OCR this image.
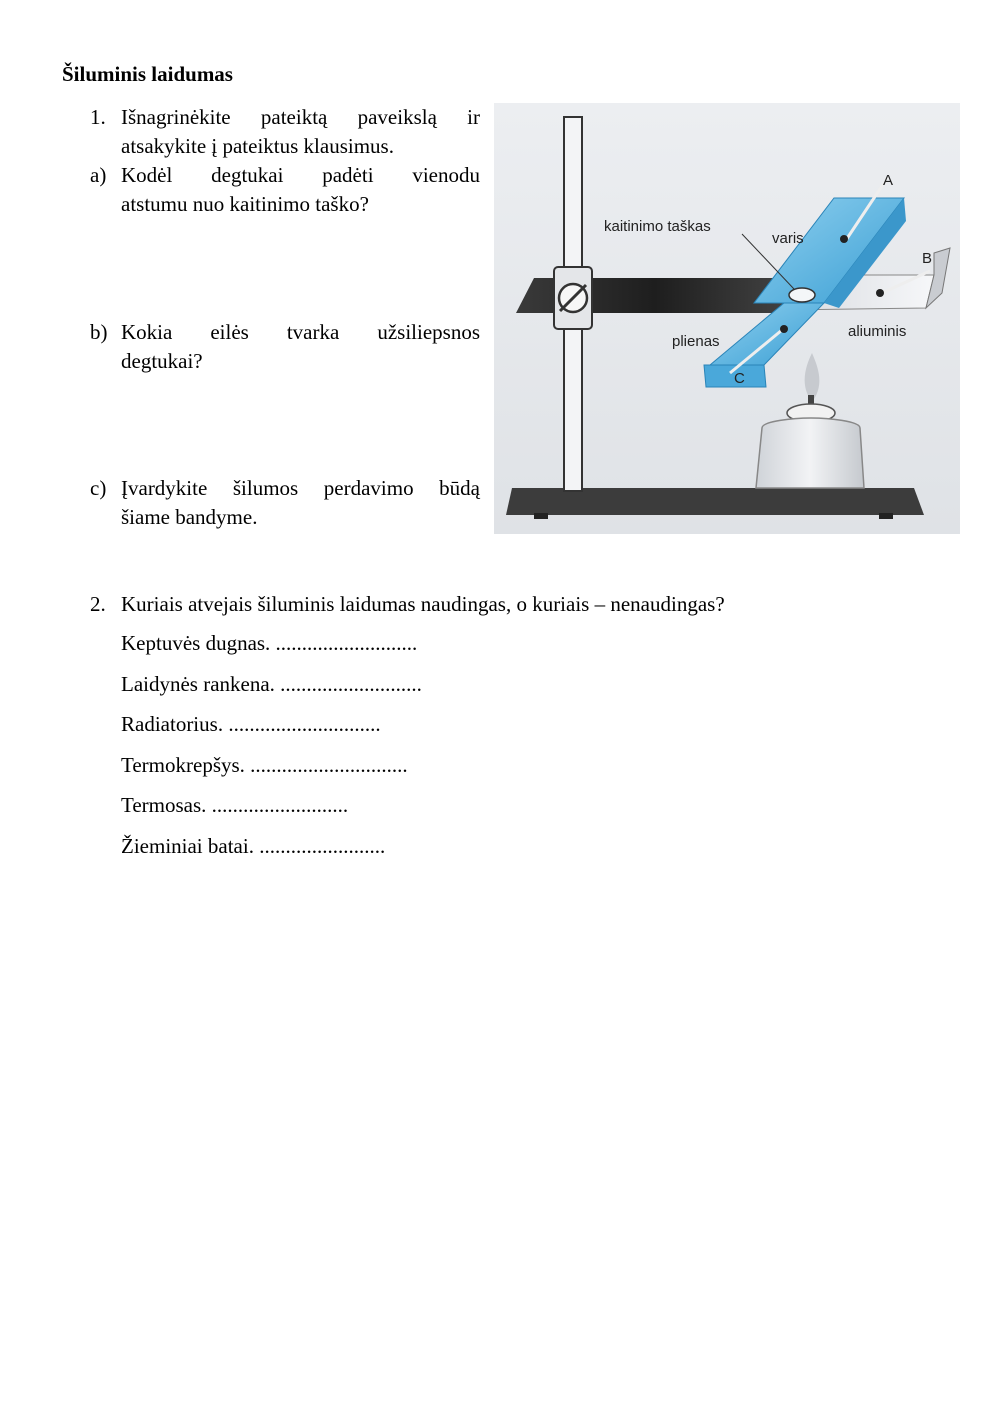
Šiluminis laidumas
1. Išnagrinėkite pateiktą paveikslą ir
atsakykite į pateiktus klausimus.
a) Kodėl degtukai padėti vienodu
atstumu nuo kaitinimo taško?
b) Kokia eilės tvarka užsiliepsnos
degtukai?
c) Įvardykite šilumos perdavimo būdą
šiame bandyme.
kaitinimo taškas
varis
aliuminis
plienas
A
B
C
2. Kuriais atvejais šiluminis laidumas naudingas, o kuriais – nenaudingas?
Keptuvės dugnas. ...........................
Laidynės rankena. ...........................
Radiatorius. .............................
Termokrepšys. ..............................
Termosas. ..........................
Žieminiai batai. ........................
